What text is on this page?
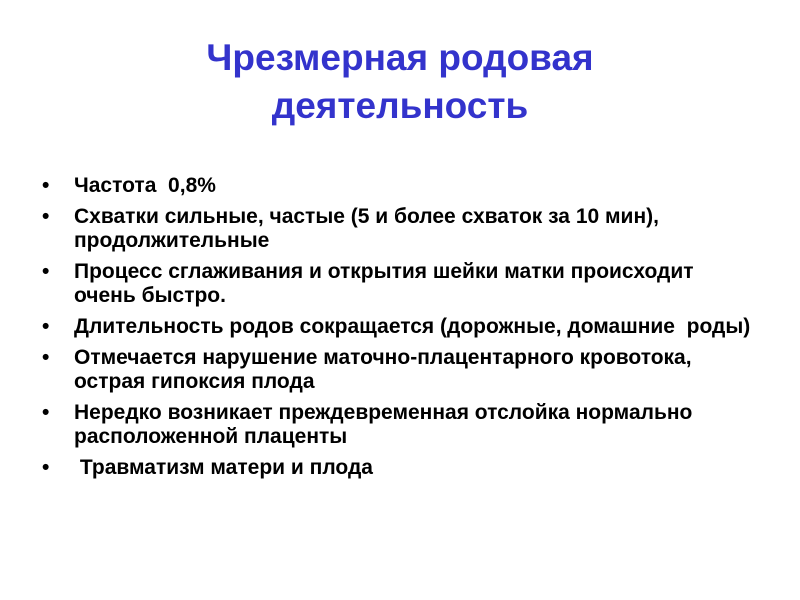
Чрезмерная родовая
деятельность
• Частота  0,8%
• Схватки сильные, частые (5 и более схваток за 10 мин), продолжительные
• Процесс сглаживания и открытия шейки матки происходит очень быстро.
• Длительность родов сокращается (дорожные, домашние  роды)
• Отмечается нарушение маточно-плацентарного кровотока, острая гипоксия плода
• Нередко возникает преждевременная отслойка нормально расположенной плаценты
• Травматизм матери и плода
